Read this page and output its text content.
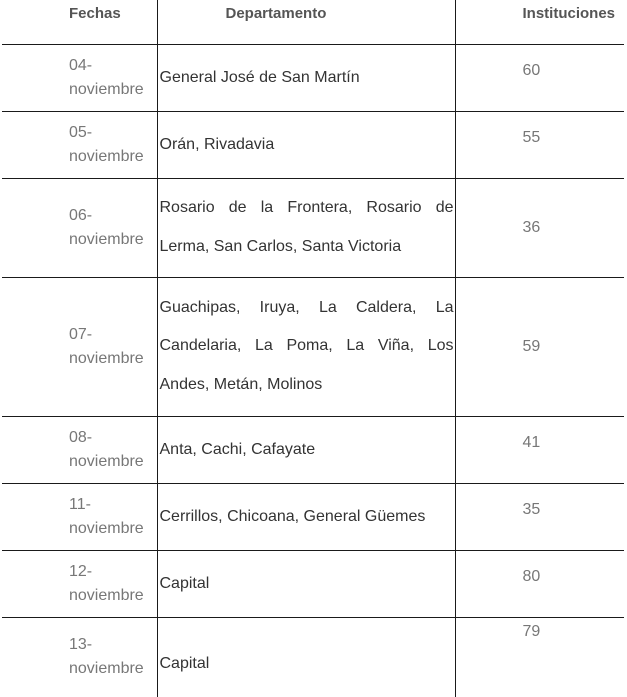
Fechas	Departamento	Instituciones
04-
noviembre	General José de San Martín	60
05-
noviembre	Orán, Rivadavia	55
06-
noviembre	Rosario de la Frontera, Rosario de Lerma, San Carlos, Santa Victoria	36
07-
noviembre	Guachipas, Iruya, La Caldera, La Candelaria, La Poma, La Viña, Los Andes, Metán, Molinos	59
08-
noviembre	Anta, Cachi, Cafayate	41
11-
noviembre	Cerrillos, Chicoana, General Güemes	35
12-
noviembre	Capital	80
13-
noviembre	Capital	79
